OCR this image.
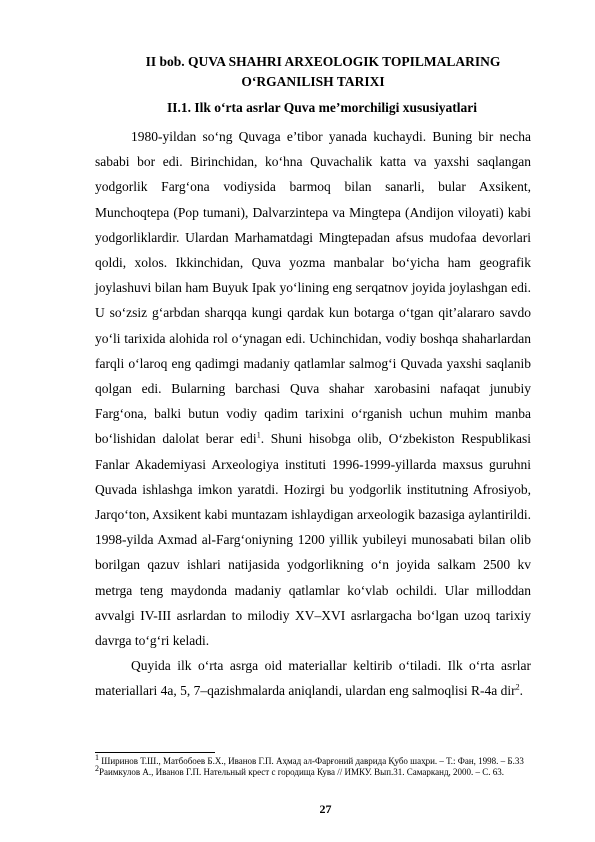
II bob. QUVA SHAHRI ARXEOLOGIK TOPILMALARING
O‘RGANILISH TARIXI
II.1. Ilk o‘rta asrlar Quva me’morchiligi xususiyatlari

1980-yildan so‘ng Quvaga e’tibor yanada kuchaydi. Buning bir necha sababi bor edi. Birinchidan, ko‘hna Quvachalik katta va yaxshi saqlangan yodgorlik Farg‘ona vodiysida barmoq bilan sanarli, bular Axsikent, Munchoqtepa (Pop tumani), Dalvarzintepa va Mingtepa (Andijon viloyati) kabi yodgorliklardir. Ulardan Marhamatdagi Mingtepadan afsus mudofaa devorlari qoldi, xolos. Ikkinchidan, Quva yozma manbalar bo‘yicha ham geografik joylashuvi bilan ham Buyuk Ipak yo‘lining eng serqatnov joyida joylashgan edi. U so‘zsiz g‘arbdan sharqqa kungi qardak kun botarga o‘tgan qit’alararo savdo yo‘li tarixida alohida rol o‘ynagan edi. Uchinchidan, vodiy boshqa shaharlardan farqli o‘laroq eng qadimgi madaniy qatlamlar salmog‘i Quvada yaxshi saqlanib qolgan edi. Bularning barchasi Quva shahar xarobasini nafaqat junubiy Farg‘ona, balki butun vodiy qadim tarixini o‘rganish uchun muhim manba bo‘lishidan dalolat berar edi$^1$. Shuni hisobga olib, O‘zbekiston Respublikasi Fanlar Akademiyasi Arxeologiya instituti 1996-1999-yillarda maxsus guruhni Quvada ishlashga imkon yaratdi. Hozirgi bu yodgorlik institutning Afrosiyob, Jarqo‘ton, Axsikent kabi muntazam ishlaydigan arxeologik bazasiga aylantirildi. 1998-yilda Axmad al-Farg‘oniyning 1200 yillik yubileyi munosabati bilan olib borilgan qazuv ishlari natijasida yodgorlikning o‘n joyida salkam 2500 kv metrga teng maydonda madaniy qatlamlar ko‘vlab ochildi. Ular milloddan avvalgi IV-III asrlardan to milodiy XV–XVI asrlargacha bo‘lgan uzoq tarixiy davrga to‘g‘ri keladi.

Quyida ilk o‘rta asrga oid materiallar keltirib o‘tiladi. Ilk o‘rta asrlar materiallari 4a, 5, 7–qazishmalarda aniqlandi, ulardan eng salmoqlisi R-4a dir$^2$.

$^1$ Ширинов Т.Ш., Матбобоев Б.Х., Иванов Г.П. Аҳмад ал-Фарғоний даврида Қубо шаҳри. – Т.: Фан, 1998. – Б.33

$^2$Раимкулов А., Иванов Г.П. Нательный крест с городища Кува // ИМКУ. Вып.31. Самарканд, 2000. – С. 63.

27
